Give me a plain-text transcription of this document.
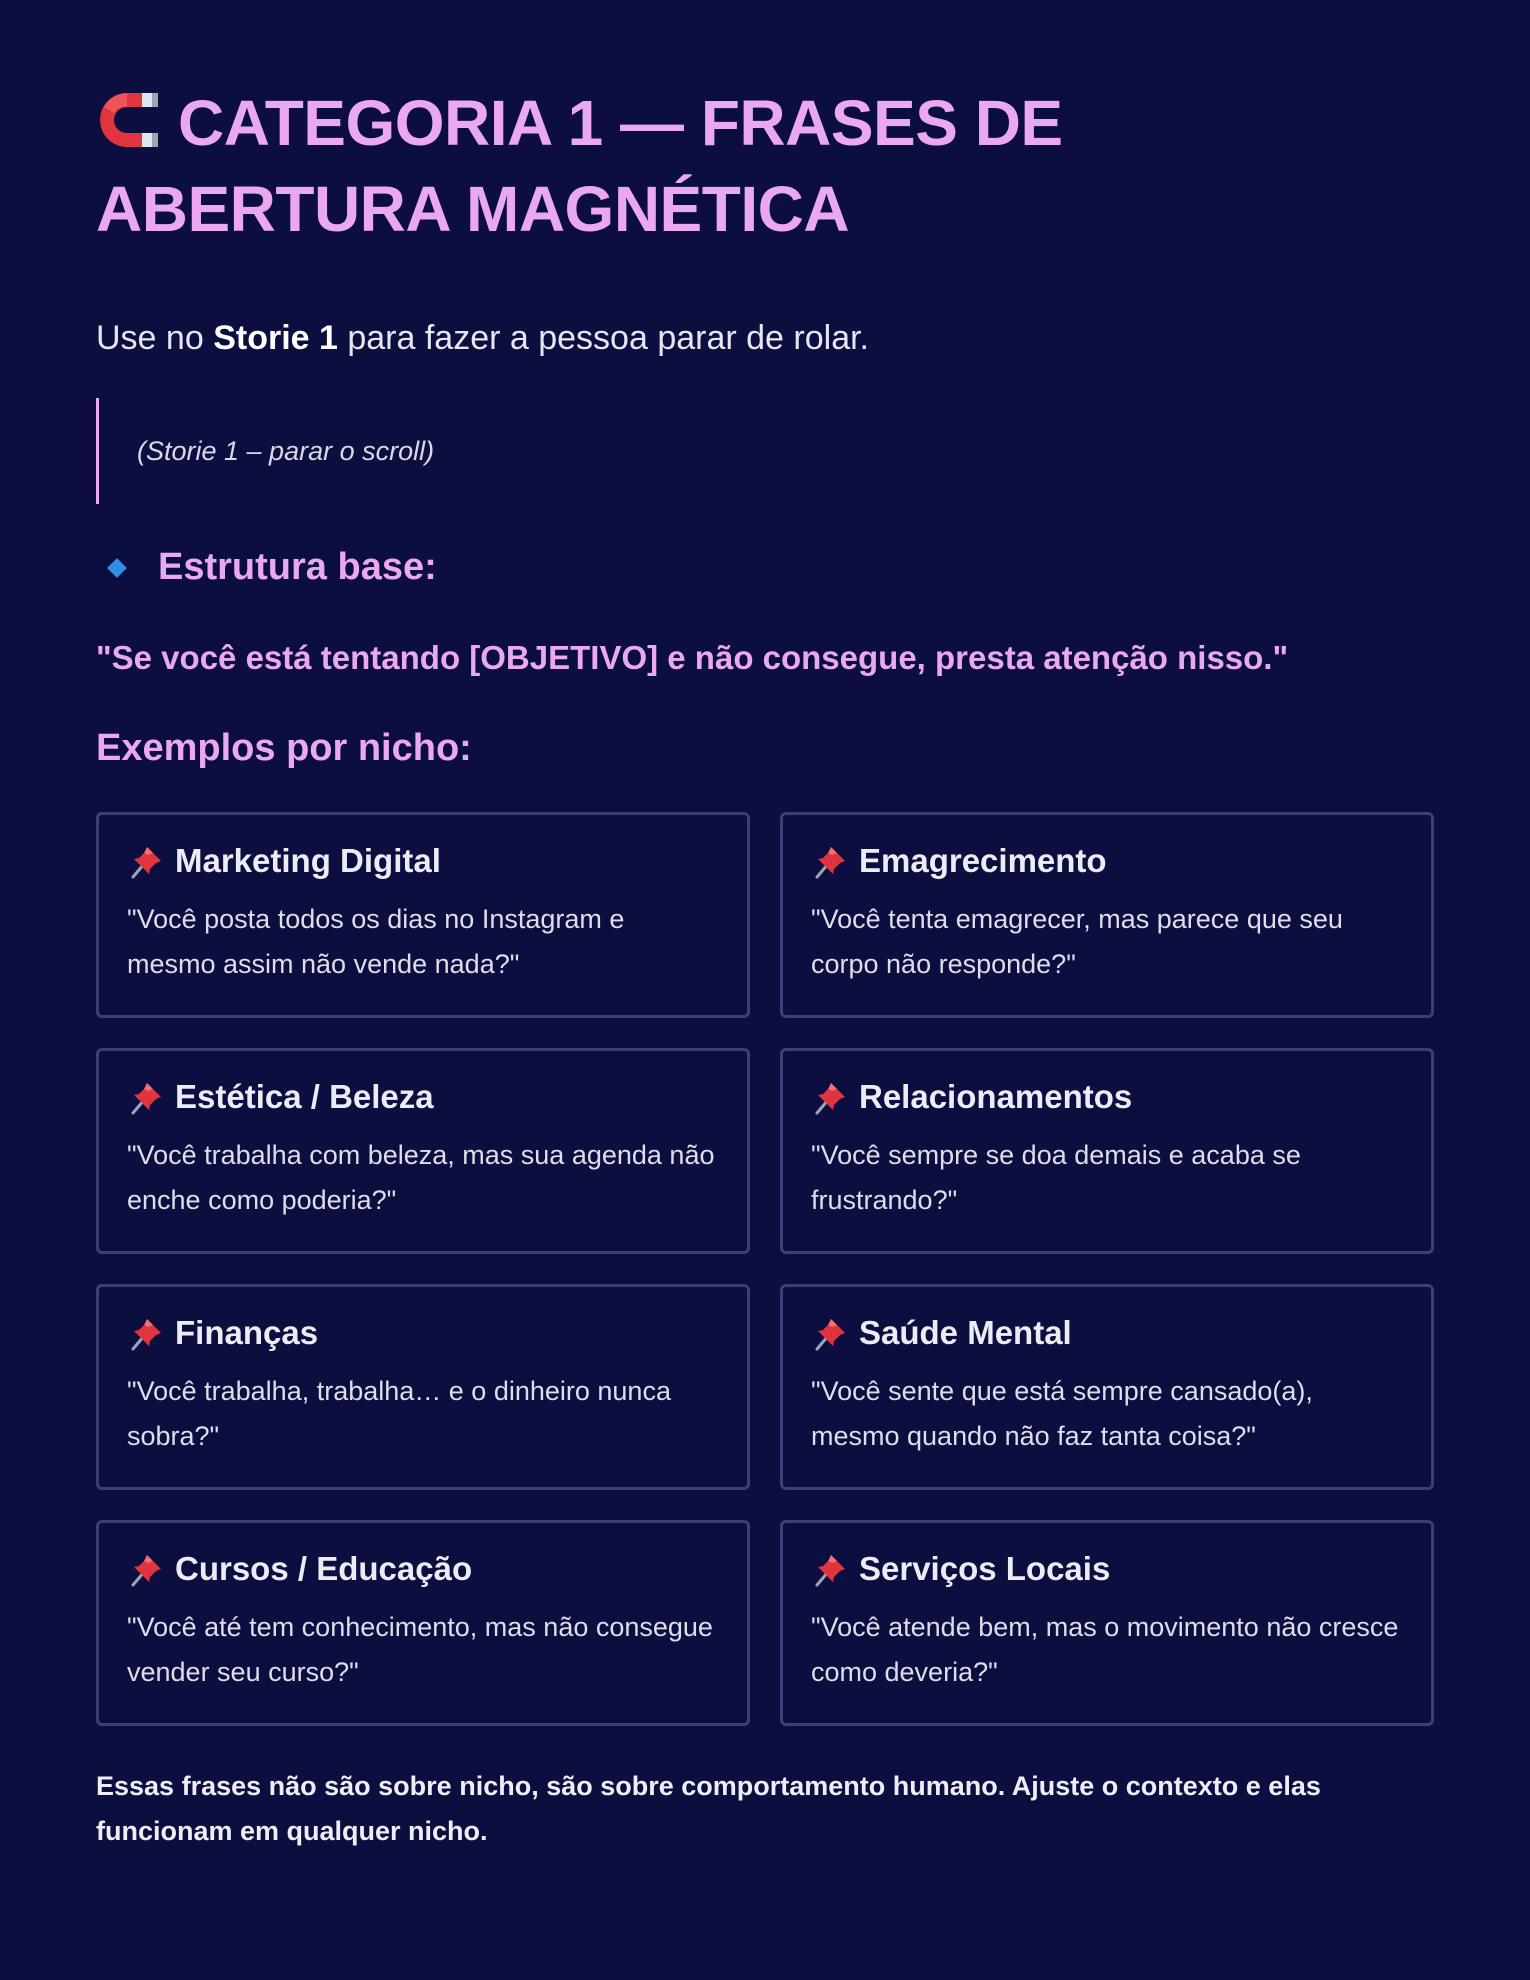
CATEGORIA 1 — FRASES DE
ABERTURA MAGNÉTICA
Use no Storie 1 para fazer a pessoa parar de rolar.
(Storie 1 – parar o scroll)
Estrutura base:
"Se você está tentando [OBJETIVO] e não consegue, presta atenção nisso."
Exemplos por nicho:
Marketing Digital
"Você posta todos os dias no Instagram e mesmo assim não vende nada?"
Emagrecimento
"Você tenta emagrecer, mas parece que seu corpo não responde?"
Estética / Beleza
"Você trabalha com beleza, mas sua agenda não enche como poderia?"
Relacionamentos
"Você sempre se doa demais e acaba se frustrando?"
Finanças
"Você trabalha, trabalha… e o dinheiro nunca sobra?"
Saúde Mental
"Você sente que está sempre cansado(a), mesmo quando não faz tanta coisa?"
Cursos / Educação
"Você até tem conhecimento, mas não consegue vender seu curso?"
Serviços Locais
"Você atende bem, mas o movimento não cresce como deveria?"
Essas frases não são sobre nicho, são sobre comportamento humano. Ajuste o contexto e elas funcionam em qualquer nicho.
